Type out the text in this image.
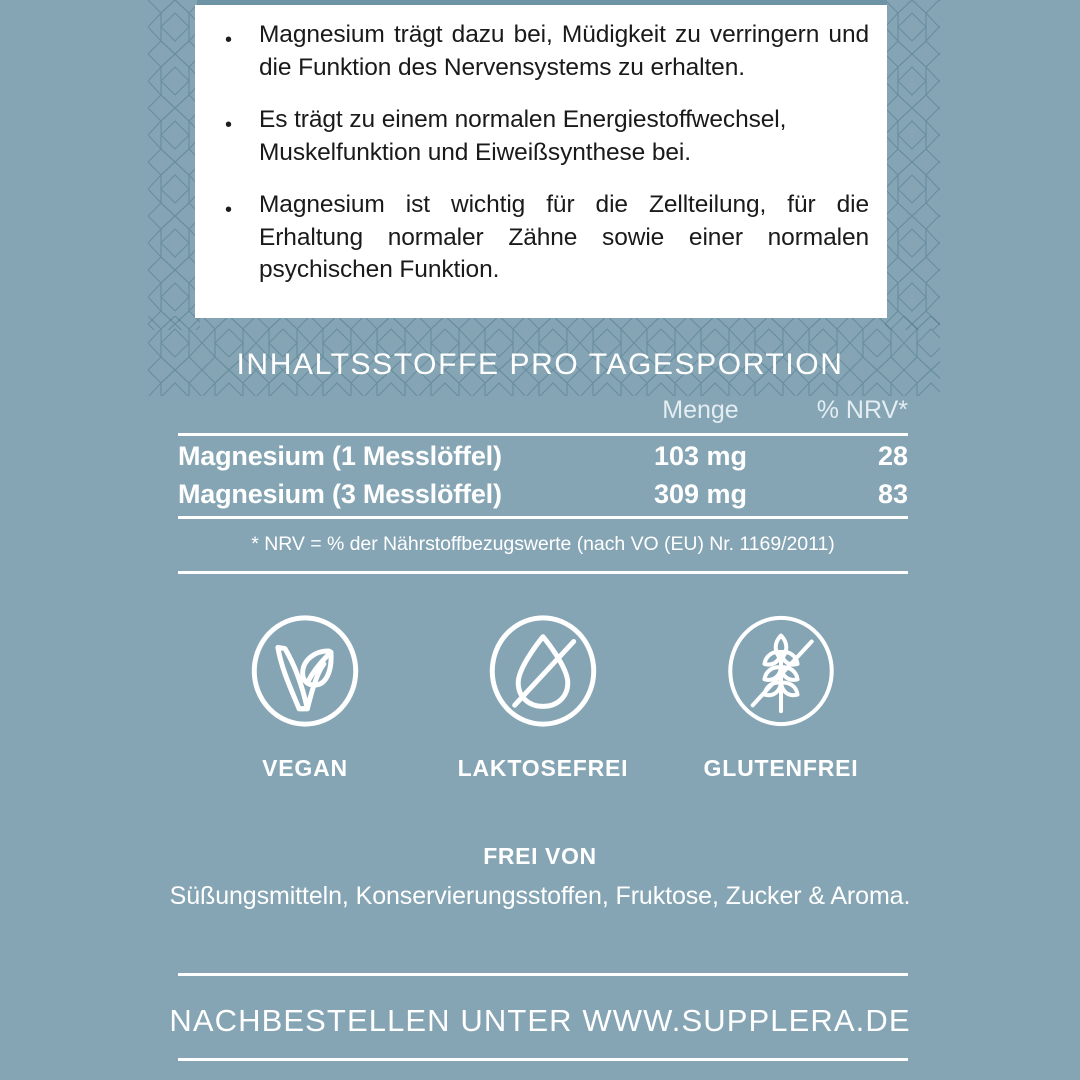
•
Magnesium trägt dazu bei, Müdigkeit zu verringern und die Funktion des Nervensystems zu erhalten.
•
Es trägt zu einem normalen Energiestoffwechsel, Muskelfunktion und Eiweißsynthese bei.
•
Magnesium ist wichtig für die Zellteilung, für die Erhaltung normaler Zähne sowie einer normalen psychischen Funktion.
INHALTSSTOFFE PRO TAGESPORTION
Menge	% NRV*
Magnesium (1 Messlöffel)	103 mg	28
Magnesium (3 Messlöffel)	309 mg	83
* NRV = % der Nährstoffbezugswerte (nach VO (EU) Nr. 1169/2011)
VEGAN	LAKTOSEFREI	GLUTENFREI
FREI VON
Süßungsmitteln, Konservierungsstoffen, Fruktose, Zucker & Aroma.
NACHBESTELLEN UNTER WWW.SUPPLERA.DE
